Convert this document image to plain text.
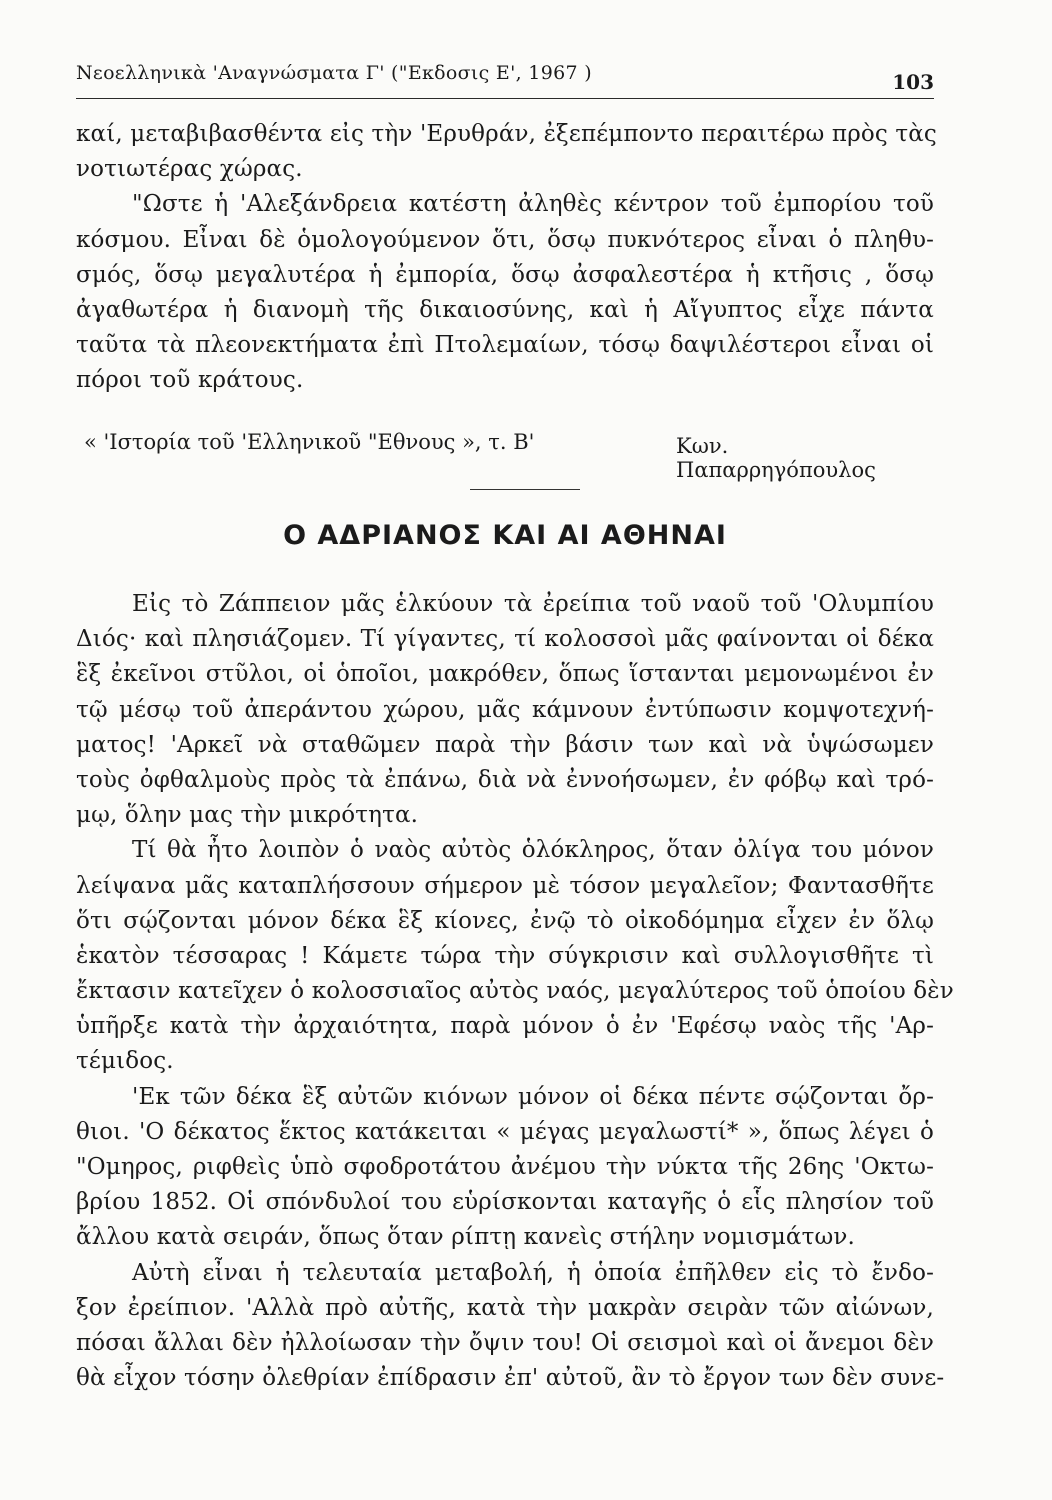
Νεοελληνικὰ 'Αναγνώσματα Γ' ("Εκδοσις Ε', 1967 )	103
καί, μεταβιβασθέντα εἰς τὴν 'Ερυθράν, ἐξεπέμποντο περαιτέρω πρὸς τὰς
νοτιωτέρας χώρας.
"Ωστε ἡ 'Αλεξάνδρεια κατέστη ἀληθὲς κέντρον τοῦ ἐμπορίου τοῦ
κόσμου. Εἶναι δὲ ὁμολογούμενον ὅτι, ὅσῳ πυκνότερος εἶναι ὁ πληθυ-
σμός, ὅσῳ μεγαλυτέρα ἡ ἐμπορία, ὅσῳ ἀσφαλεστέρα ἡ κτῆσις , ὅσῳ
ἀγαθωτέρα ἡ διανομὴ τῆς δικαιοσύνης, καὶ ἡ Αἴγυπτος εἶχε πάντα
ταῦτα τὰ πλεονεκτήματα ἐπὶ Πτολεμαίων, τόσῳ δαψιλέστεροι εἶναι οἱ
πόροι τοῦ κράτους.
« 'Ιστορία τοῦ 'Ελληνικοῦ "Εθνους », τ. Β'	Κων. Παπαρρηγόπουλος
Ο ΑΔΡΙΑΝΟΣ ΚΑΙ ΑΙ ΑΘΗΝΑΙ
Εἰς τὸ Ζάππειον μᾶς ἑλκύουν τὰ ἐρείπια τοῦ ναοῦ τοῦ 'Ολυμπίου
Διός· καὶ πλησιάζομεν. Τί γίγαντες, τί κολοσσοὶ μᾶς φαίνονται οἱ δέκα
ἓξ ἐκεῖνοι στῦλοι, οἱ ὁποῖοι, μακρόθεν, ὅπως ἵστανται μεμονωμένοι ἐν
τῷ μέσῳ τοῦ ἀπεράντου χώρου, μᾶς κάμνουν ἐντύπωσιν κομψοτεχνή-
ματος! 'Αρκεῖ νὰ σταθῶμεν παρὰ τὴν βάσιν των καὶ νὰ ὑψώσωμεν
τοὺς ὀφθαλμοὺς πρὸς τὰ ἐπάνω, διὰ νὰ ἐννοήσωμεν, ἐν φόβῳ καὶ τρό-
μῳ, ὅλην μας τὴν μικρότητα.
Τί θὰ ἦτο λοιπὸν ὁ ναὸς αὐτὸς ὁλόκληρος, ὅταν ὀλίγα του μόνον
λείψανα μᾶς καταπλήσσουν σήμερον μὲ τόσον μεγαλεῖον; Φαντασθῆτε
ὅτι σῴζονται μόνον δέκα ἓξ κίονες, ἐνῷ τὸ οἰκοδόμημα εἶχεν ἐν ὅλῳ
ἑκατὸν τέσσαρας ! Κάμετε τώρα τὴν σύγκρισιν καὶ συλλογισθῆτε τὶ
ἔκτασιν κατεῖχεν ὁ κολοσσιαῖος αὐτὸς ναός, μεγαλύτερος τοῦ ὁποίου δὲν
ὑπῆρξε κατὰ τὴν ἀρχαιότητα, παρὰ μόνον ὁ ἐν 'Εφέσῳ ναὸς τῆς 'Αρ-
τέμιδος.
'Εκ τῶν δέκα ἓξ αὐτῶν κιόνων μόνον οἱ δέκα πέντε σῴζονται ὄρ-
θιοι. 'Ο δέκατος ἕκτος κατάκειται « μέγας μεγαλωστί* », ὅπως λέγει ὁ
"Ομηρος, ριφθεὶς ὑπὸ σφοδροτάτου ἀνέμου τὴν νύκτα τῆς 26ης 'Οκτω-
βρίου 1852. Οἱ σπόνδυλοί του εὑρίσκονται καταγῆς ὁ εἷς πλησίον τοῦ
ἄλλου κατὰ σειράν, ὅπως ὅταν ρίπτῃ κανεὶς στήλην νομισμάτων.
Αὐτὴ εἶναι ἡ τελευταία μεταβολή, ἡ ὁποία ἐπῆλθεν εἰς τὸ ἔνδο-
ξον ἐρείπιον. 'Αλλὰ πρὸ αὐτῆς, κατὰ τὴν μακρὰν σειρὰν τῶν αἰώνων,
πόσαι ἄλλαι δὲν ἠλλοίωσαν τὴν ὄψιν του! Οἱ σεισμοὶ καὶ οἱ ἄνεμοι δὲν
θὰ εἶχον τόσην ὀλεθρίαν ἐπίδρασιν ἐπ' αὐτοῦ, ἂν τὸ ἔργον των δὲν συνε-
